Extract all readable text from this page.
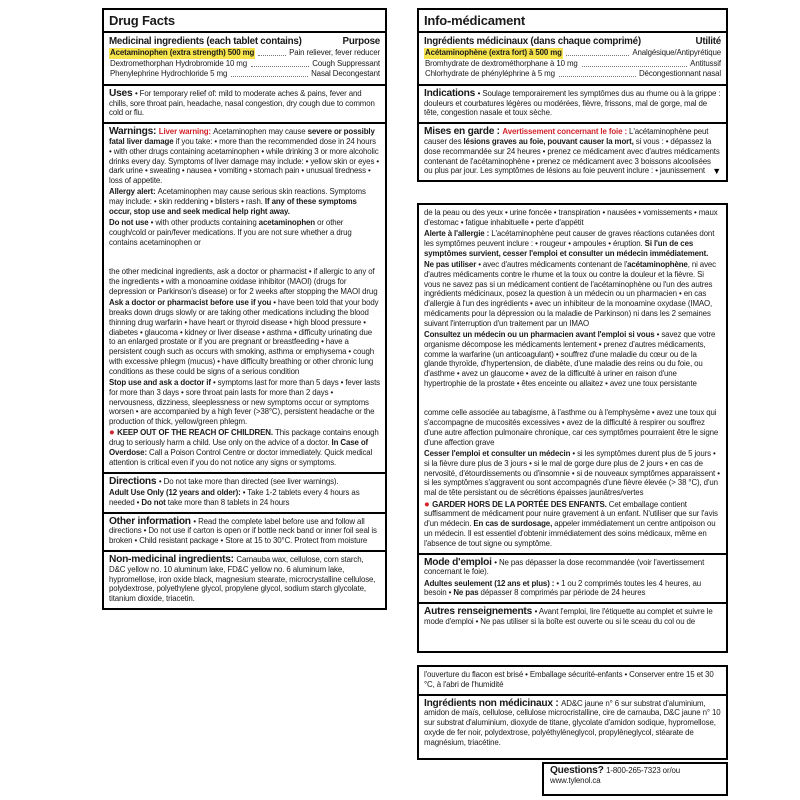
Drug Facts
Medicinal ingredients (each tablet contains)	Purpose
Acetaminophen (extra strength) 500 mg	Pain reliever, fever reducer
Dextromethorphan Hydrobromide 10 mg	Cough Suppressant
Phenylephrine Hydrochloride 5 mg	Nasal Decongestant

Uses • For temporary relief of: mild to moderate aches & pains, fever and chills, sore throat pain, headache, nasal congestion, dry cough due to common cold or flu.

Warnings: Liver warning: Acetaminophen may cause severe or possibly fatal liver damage if you take: • more than the recommended dose in 24 hours • with other drugs containing acetaminophen • while drinking 3 or more alcoholic drinks every day. Symptoms of liver damage may include: • yellow skin or eyes • dark urine • sweating • nausea • vomiting • stomach pain • unusual tiredness • loss of appetite.

Allergy alert: Acetaminophen may cause serious skin reactions. Symptoms may include: • skin reddening • blisters • rash. If any of these symptoms occur, stop use and seek medical help right away.

Do not use • with other products containing acetaminophen or other cough/cold or pain/fever medications. If you are not sure whether a drug contains acetaminophen or

the other medicinal ingredients, ask a doctor or pharmacist • if allergic to any of the ingredients • with a monoamine oxidase inhibitor (MAOI) (drugs for depression or Parkinson's disease) or for 2 weeks after stopping the MAOI drug

Ask a doctor or pharmacist before use if you • have been told that your body breaks down drugs slowly or are taking other medications including the blood thinning drug warfarin • have heart or thyroid disease • high blood pressure • diabetes • glaucoma • kidney or liver disease • asthma • difficulty urinating due to an enlarged prostate or if you are pregnant or breastfeeding • have a persistent cough such as occurs with smoking, asthma or emphysema • cough with excessive phlegm (mucus) • have difficulty breathing or other chronic lung conditions as these could be signs of a serious condition

Stop use and ask a doctor if • symptoms last for more than 5 days • fever lasts for more than 3 days • sore throat pain lasts for more than 2 days • nervousness, dizziness, sleeplessness or new symptoms occur or symptoms worsen • are accompanied by a high fever (>38°C), persistent headache or the production of thick, yellow/green phlegm.

● KEEP OUT OF THE REACH OF CHILDREN. This package contains enough drug to seriously harm a child. Use only on the advice of a doctor. In Case of Overdose: Call a Poison Control Centre or doctor immediately. Quick medical attention is critical even if you do not notice any signs or symptoms.

Directions • Do not take more than directed (see liver warnings).

Adult Use Only (12 years and older): • Take 1-2 tablets every 4 hours as needed • Do not take more than 8 tablets in 24 hours

Other information • Read the complete label before use and follow all directions • Do not use if carton is open or if bottle neck band or inner foil seal is broken • Child resistant package • Store at 15 to 30°C. Protect from moisture

Non-medicinal ingredients: Carnauba wax, cellulose, corn starch, D&C yellow no. 10 aluminum lake, FD&C yellow no. 6 aluminum lake, hypromellose, iron oxide black, magnesium stearate, microcrystalline cellulose, polydextrose, polyethylene glycol, propylene glycol, sodium starch glycolate, titanium dioxide, triacetin.

Info-médicament
Ingrédients médicinaux (dans chaque comprimé)	Utilité
Acétaminophène (extra fort) à 500 mg	Analgésique/Antipyrétique
Bromhydrate de dextrométhorphane à 10 mg	Antitussif
Chlorhydrate de phényléphrine à 5 mg	Décongestionnant nasal

Indications • Soulage temporairement les symptômes dus au rhume ou à la grippe : douleurs et courbatures légères ou modérées, fièvre, frissons, mal de gorge, mal de tête, congestion nasale et toux sèche.

Mises en garde : Avertissement concernant le foie : L'acétaminophène peut causer des lésions graves au foie, pouvant causer la mort, si vous : • dépassez la dose recommandée sur 24 heures • prenez ce médicament avec d'autres médicaments contenant de l'acétaminophène • prenez ce médicament avec 3 boissons alcoolisées ou plus par jour. Les symptômes de lésions au foie peuvent inclure : • jaunissement ▼

de la peau ou des yeux • urine foncée • transpiration • nausées • vomissements • maux d'estomac • fatigue inhabituelle • perte d'appétit

Alerte à l'allergie : L'acétaminophène peut causer de graves réactions cutanées dont les symptômes peuvent inclure : • rougeur • ampoules • éruption. Si l'un de ces symptômes survient, cesser l'emploi et consulter un médecin immédiatement.

Ne pas utiliser • avec d'autres médicaments contenant de l'acétaminophène, ni avec d'autres médicaments contre le rhume et la toux ou contre la douleur et la fièvre. Si vous ne savez pas si un médicament contient de l'acétaminophène ou l'un des autres ingrédients médicinaux, posez la question à un médecin ou un pharmacien • en cas d'allergie à l'un des ingrédients • avec un inhibiteur de la monoamine oxydase (IMAO, médicaments pour la dépression ou la maladie de Parkinson) ni dans les 2 semaines suivant l'interruption d'un traitement par un IMAO

Consultez un médecin ou un pharmacien avant l'emploi si vous • savez que votre organisme décompose les médicaments lentement • prenez d'autres médicaments, comme la warfarine (un anticoagulant) • souffrez d'une maladie du cœur ou de la glande thyroïde, d'hypertension, de diabète, d'une maladie des reins ou du foie, ou d'asthme • avez un glaucome • avez de la difficulté à uriner en raison d'une hypertrophie de la prostate • êtes enceinte ou allaitez • avez une toux persistante

comme celle associée au tabagisme, à l'asthme ou à l'emphysème • avez une toux qui s'accompagne de mucosités excessives • avez de la difficulté à respirer ou souffrez d'une autre affection pulmonaire chronique, car ces symptômes pourraient être le signe d'une affection grave

Cesser l'emploi et consulter un médecin • si les symptômes durent plus de 5 jours • si la fièvre dure plus de 3 jours • si le mal de gorge dure plus de 2 jours • en cas de nervosité, d'étourdissements ou d'insomnie • si de nouveaux symptômes apparaissent • si les symptômes s'aggravent ou sont accompagnés d'une fièvre élevée (> 38 °C), d'un mal de tête persistant ou de sécrétions épaisses jaunâtres/vertes

● GARDER HORS DE LA PORTÉE DES ENFANTS. Cet emballage contient suffisamment de médicament pour nuire gravement à un enfant. N'utiliser que sur l'avis d'un médecin. En cas de surdosage, appeler immédiatement un centre antipoison ou un médecin. Il est essentiel d'obtenir immédiatement des soins médicaux, même en l'absence de tout signe ou symptôme.

Mode d'emploi • Ne pas dépasser la dose recommandée (voir l'avertissement concernant le foie).

Adultes seulement (12 ans et plus) : • 1 ou 2 comprimés toutes les 4 heures, au besoin • Ne pas dépasser 8 comprimés par période de 24 heures

Autres renseignements • Avant l'emploi, lire l'étiquette au complet et suivre le mode d'emploi • Ne pas utiliser si la boîte est ouverte ou si le sceau du col ou de

l'ouverture du flacon est brisé • Emballage sécurité-enfants • Conserver entre 15 et 30 °C, à l'abri de l'humidité

Ingrédients non médicinaux : AD&C jaune n° 6 sur substrat d'aluminium, amidon de maïs, cellulose, cellulose microcristalline, cire de carnauba, D&C jaune n° 10 sur substrat d'aluminium, dioxyde de titane, glycolate d'amidon sodique, hypromellose, oxyde de fer noir, polydextrose, polyéthylèneglycol, propylèneglycol, stéarate de magnésium, triacétine.

Questions? 1-800-265-7323 or/ou www.tylenol.ca
